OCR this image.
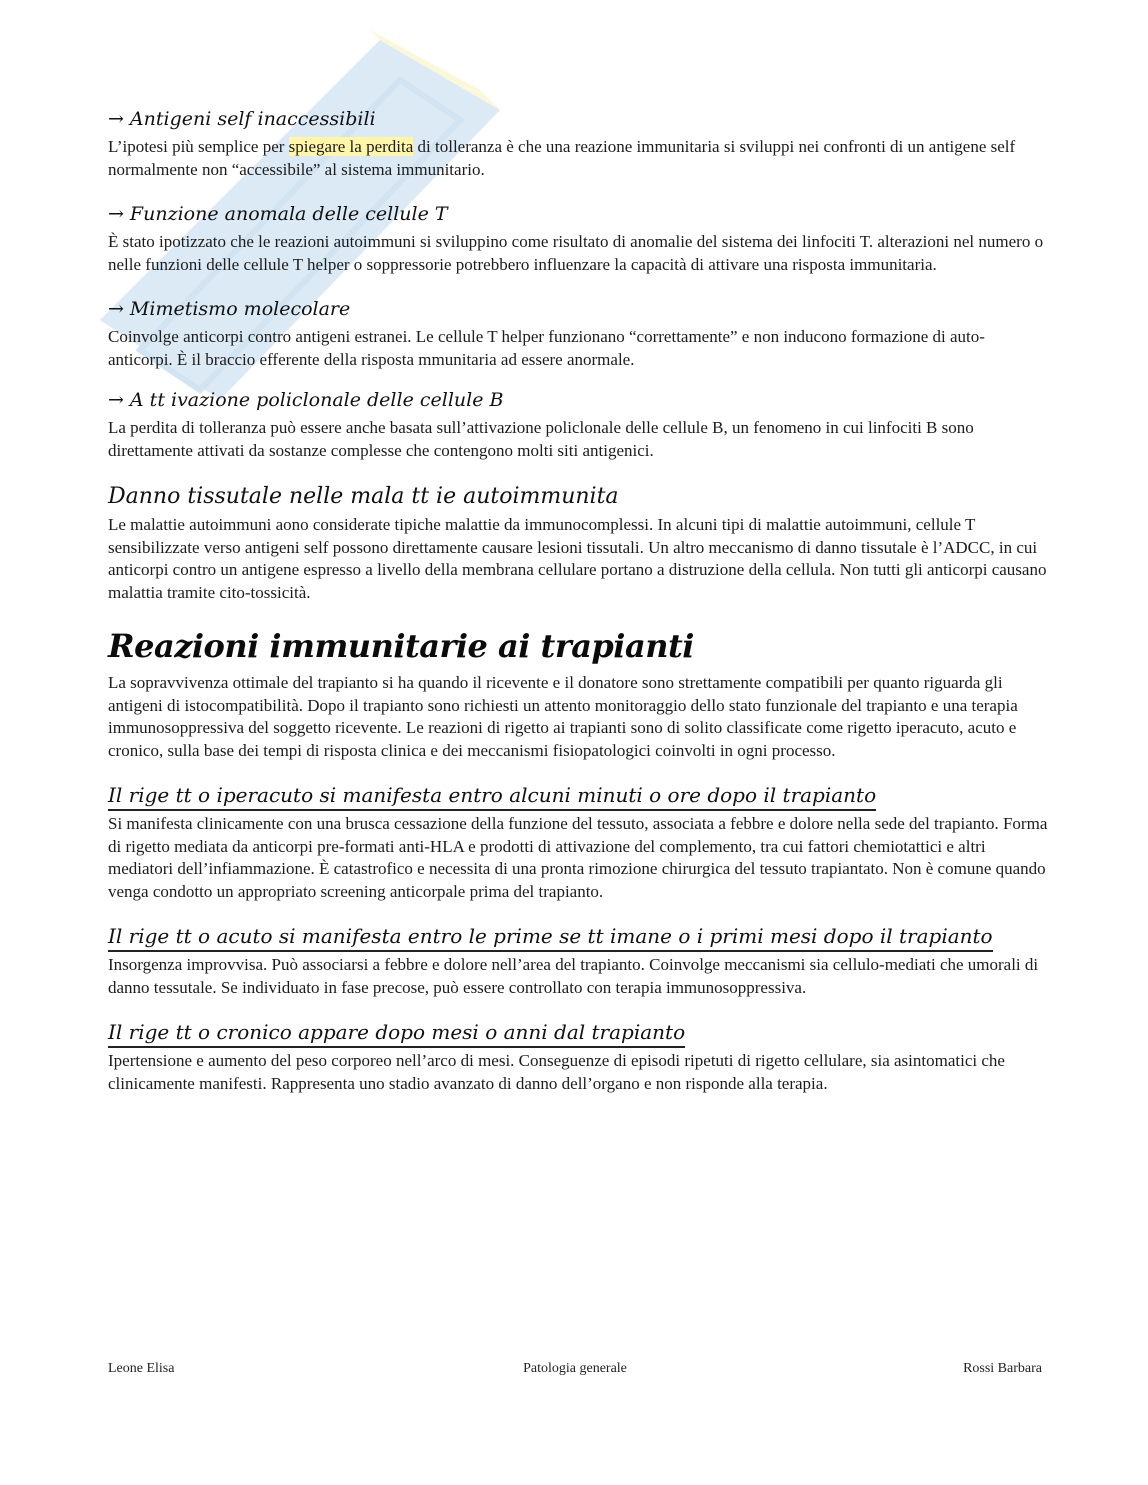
→ Antigeni self inaccessibili

L’ipotesi più semplice per spiegare la perdita di tolleranza è che una reazione immunitaria si sviluppi nei confronti di un antigene self normalmente non “accessibile” al sistema immunitario.

→ Funzione anomala delle cellule T

È stato ipotizzato che le reazioni autoimmuni si sviluppino come risultato di anomalie del sistema dei linfociti T. alterazioni nel numero o nelle funzioni delle cellule T helper o soppressorie potrebbero influenzare la capacità di attivare una risposta immunitaria.

→ Mimetismo molecolare

Coinvolge anticorpi contro antigeni estranei. Le cellule T helper funzionano “correttamente” e non inducono formazione di auto-anticorpi. È il braccio efferente della risposta mmunitaria ad essere anormale.

→ A tt ivazione policlonale delle cellule B

La perdita di tolleranza può essere anche basata sull’attivazione policlonale delle cellule B, un fenomeno in cui linfociti B sono direttamente attivati da sostanze complesse che contengono molti siti antigenici.

Danno tissutale nelle mala tt ie autoimmunita

Le malattie autoimmuni aono considerate tipiche malattie da immunocomplessi. In alcuni tipi di malattie autoimmuni, cellule T sensibilizzate verso antigeni self possono direttamente causare lesioni tissutali. Un altro meccanismo di danno tissutale è l’ADCC, in cui anticorpi contro un antigene espresso a livello della membrana cellulare portano a distruzione della cellula. Non tutti gli anticorpi causano malattia tramite cito-tossicità.

Reazioni immunitarie ai trapianti

La sopravvivenza ottimale del trapianto si ha quando il ricevente e il donatore sono strettamente compatibili per quanto riguarda gli antigeni di istocompatibilità. Dopo il trapianto sono richiesti un attento monitoraggio dello stato funzionale del trapianto e una terapia immunosoppressiva del soggetto ricevente. Le reazioni di rigetto ai trapianti sono di solito classificate come rigetto iperacuto, acuto e cronico, sulla base dei tempi di risposta clinica e dei meccanismi fisiopatologici coinvolti in ogni processo.

Il rige tt o iperacuto si manifesta entro alcuni minuti o ore dopo il trapianto

Si manifesta clinicamente con una brusca cessazione della funzione del tessuto, associata a febbre e dolore nella sede del trapianto. Forma di rigetto mediata da anticorpi pre-formati anti-HLA e prodotti di attivazione del complemento, tra cui fattori chemiotattici e altri mediatori dell’infiammazione. È catastrofico e necessita di una pronta rimozione chirurgica del tessuto trapiantato. Non è comune quando venga condotto un appropriato screening anticorpale prima del trapianto.

Il rige tt o acuto si manifesta entro le prime se tt imane o i primi mesi dopo il trapianto

Insorgenza improvvisa. Può associarsi a febbre e dolore nell’area del trapianto. Coinvolge meccanismi sia cellulo-mediati che umorali di danno tessutale. Se individuato in fase precose, può essere controllato con terapia immunosoppressiva.

Il rige tt o cronico appare dopo mesi o anni dal trapianto

Ipertensione e aumento del peso corporeo nell’arco di mesi. Conseguenze di episodi ripetuti di rigetto cellulare, sia asintomatici che clinicamente manifesti. Rappresenta uno stadio avanzato di danno dell’organo e non risponde alla terapia.

Patologia generale
Leone Elisa	Rossi Barbara
